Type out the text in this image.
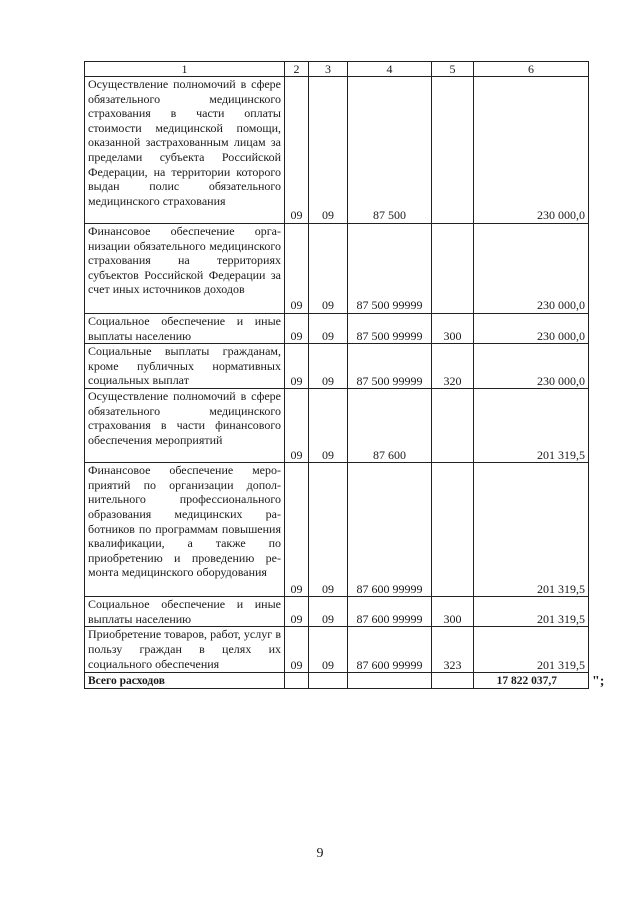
1	2	3	4	5	6
Осуществление полномочий в сфере обязательного медицинского страхования в части оплаты стоимости медицинской помощи, оказанной застрахованным лицам за пределами субъекта Российской Федерации, на территории которого выдан полис обязательного медицинского страхования	09	09	87 500		230 000,0
Финансовое обеспечение организации обязательного медицинского страхования на территориях субъектов Российской Федерации за счет иных источников доходов	09	09	87 500 99999		230 000,0
Социальное обеспечение и иные выплаты населению	09	09	87 500 99999	300	230 000,0
Социальные выплаты гражданам, кроме публичных нормативных социальных выплат	09	09	87 500 99999	320	230 000,0
Осуществление полномочий в сфере обязательного медицинского страхования в части финансового обеспечения мероприятий	09	09	87 600		201 319,5
Финансовое обеспечение мероприятий по организации дополнительного профессионального образования медицинских работников по программам повышения квалификации, а также по приобретению и проведению ремонта медицинского оборудования	09	09	87 600 99999		201 319,5
Социальное обеспечение и иные выплаты населению	09	09	87 600 99999	300	201 319,5
Приобретение товаров, работ, услуг в пользу граждан в целях их социального обеспечения	09	09	87 600 99999	323	201 319,5
Всего расходов					17 822 037,7	";
9
